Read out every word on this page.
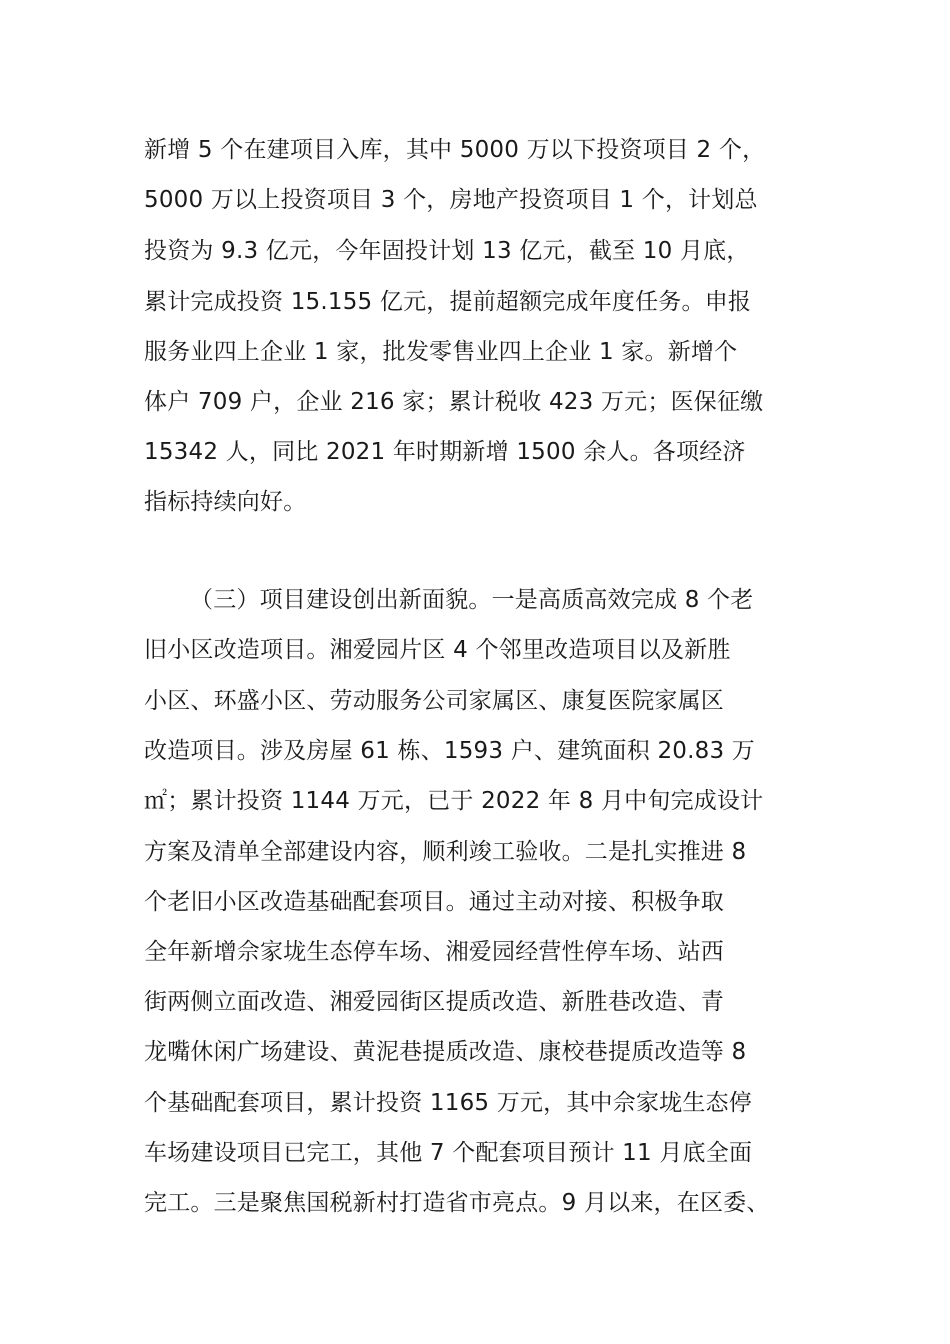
新增 5 个在建项目入库，其中 5000 万以下投资项目 2 个，
5000 万以上投资项目 3 个，房地产投资项目 1 个，计划总
投资为 9.3 亿元，今年固投计划 13 亿元，截至 10 月底，
累计完成投资 15.155 亿元，提前超额完成年度任务。申报
服务业四上企业 1 家，批发零售业四上企业 1 家。新增个
体户 709 户，企业 216 家；累计税收 423 万元；医保征缴
15342 人，同比 2021 年时期新增 1500 余人。各项经济
指标持续向好。
（三）项目建设创出新面貌。一是高质高效完成 8 个老
旧小区改造项目。湘爱园片区 4 个邻里改造项目以及新胜
小区、环盛小区、劳动服务公司家属区、康复医院家属区
改造项目。涉及房屋 61 栋、1593 户、建筑面积 20.83 万
㎡；累计投资 1144 万元，已于 2022 年 8 月中旬完成设计
方案及清单全部建设内容，顺利竣工验收。二是扎实推进 8
个老旧小区改造基础配套项目。通过主动对接、积极争取
全年新增佘家垅生态停车场、湘爱园经营性停车场、站西
街两侧立面改造、湘爱园街区提质改造、新胜巷改造、青
龙嘴休闲广场建设、黄泥巷提质改造、康校巷提质改造等 8
个基础配套项目，累计投资 1165 万元，其中佘家垅生态停
车场建设项目已完工，其他 7 个配套项目预计 11 月底全面
完工。三是聚焦国税新村打造省市亮点。9 月以来，在区委、
